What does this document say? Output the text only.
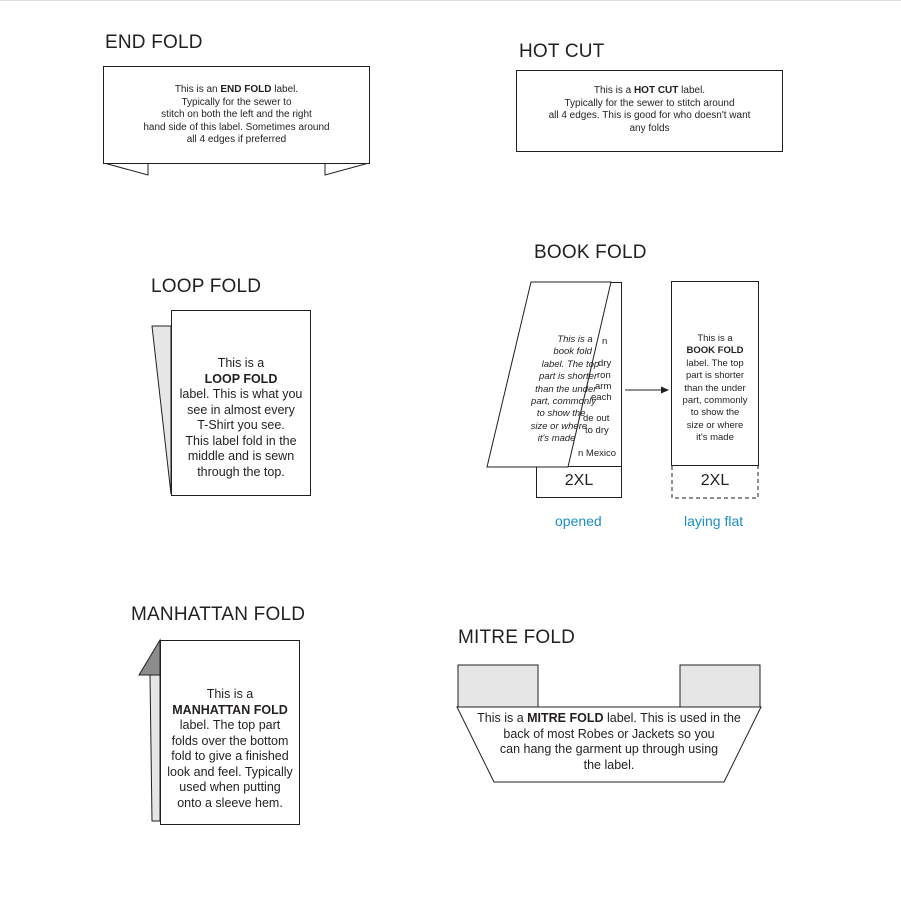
END FOLD
This is an END FOLD label.
Typically for the sewer to
stitch on both the left and the right
hand side of this label. Sometimes around
all 4 edges if preferred
HOT CUT
This is a HOT CUT label.
Typically for the sewer to stitch around
all 4 edges. This is good for who doesn't want
any folds
LOOP FOLD
This is a
LOOP FOLD
label. This is what you
see in almost every
T-Shirt you see.
This label fold in the
middle and is sewn
through the top.
BOOK FOLD
n
dry
ron
arm
each
de out
to dry
n Mexico
2XL
This is a
book fold
label. The top
part is shorter
than the under
part, commonly
to show the
size or where
it's made
This is a
BOOK FOLD
label. The top
part is shorter
than the under
part, commonly
to show the
size or where
it's made
2XL
opened	laying flat
MANHATTAN FOLD
This is a
MANHATTAN FOLD
label. The top part
folds over the bottom
fold to give a finished
look and feel. Typically
used when putting
onto a sleeve hem.
MITRE FOLD
This is a MITRE FOLD label. This is used in the
back of most Robes or Jackets so you
can hang the garment up through using
the label.
